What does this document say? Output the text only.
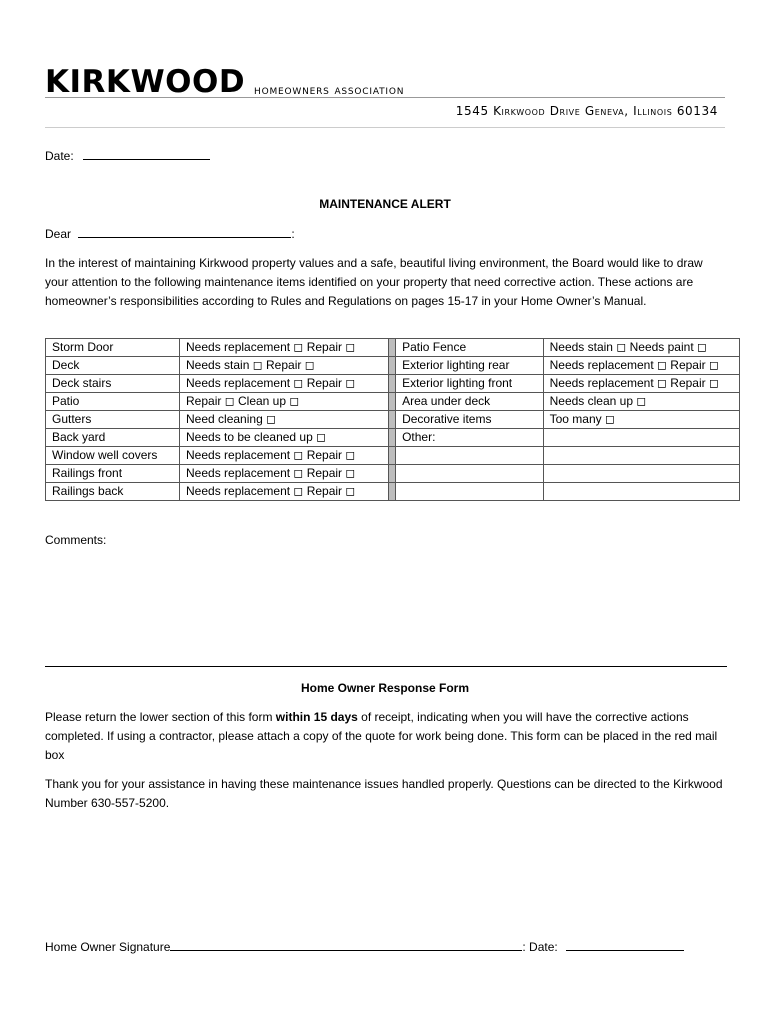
KIRKWOOD homeowners association
1545 Kirkwood Drive Geneva, Illinois 60134
Date:
MAINTENANCE ALERT
Dear	:
In the interest of maintaining Kirkwood property values and a safe, beautiful living environment, the Board would like to draw your attention to the following maintenance items identified on your property that need corrective action. These actions are homeowner’s responsibilities according to Rules and Regulations on pages 15-17 in your Home Owner’s Manual.
Storm Door	Needs replacement ◻ Repair ◻		Patio Fence	Needs stain ◻ Needs paint ◻
Deck	Needs stain ◻ Repair ◻		Exterior lighting rear	Needs replacement ◻ Repair ◻
Deck stairs	Needs replacement ◻ Repair ◻		Exterior lighting front	Needs replacement ◻ Repair ◻
Patio	Repair ◻ Clean up ◻		Area under deck	Needs clean up ◻
Gutters	Need cleaning ◻		Decorative items	Too many ◻
Back yard	Needs to be cleaned up ◻		Other:	
Window well covers	Needs replacement ◻ Repair ◻			
Railings front	Needs replacement ◻ Repair ◻			
Railings back	Needs replacement ◻ Repair ◻			
Comments:
Home Owner Response Form
Please return the lower section of this form within 15 days of receipt, indicating when you will have the corrective actions completed. If using a contractor, please attach a copy of the quote for work being done. This form can be placed in the red mail box
Thank you for your assistance in having these maintenance issues handled properly. Questions can be directed to the Kirkwood Number 630-557-5200.
Home Owner Signature	: Date:
